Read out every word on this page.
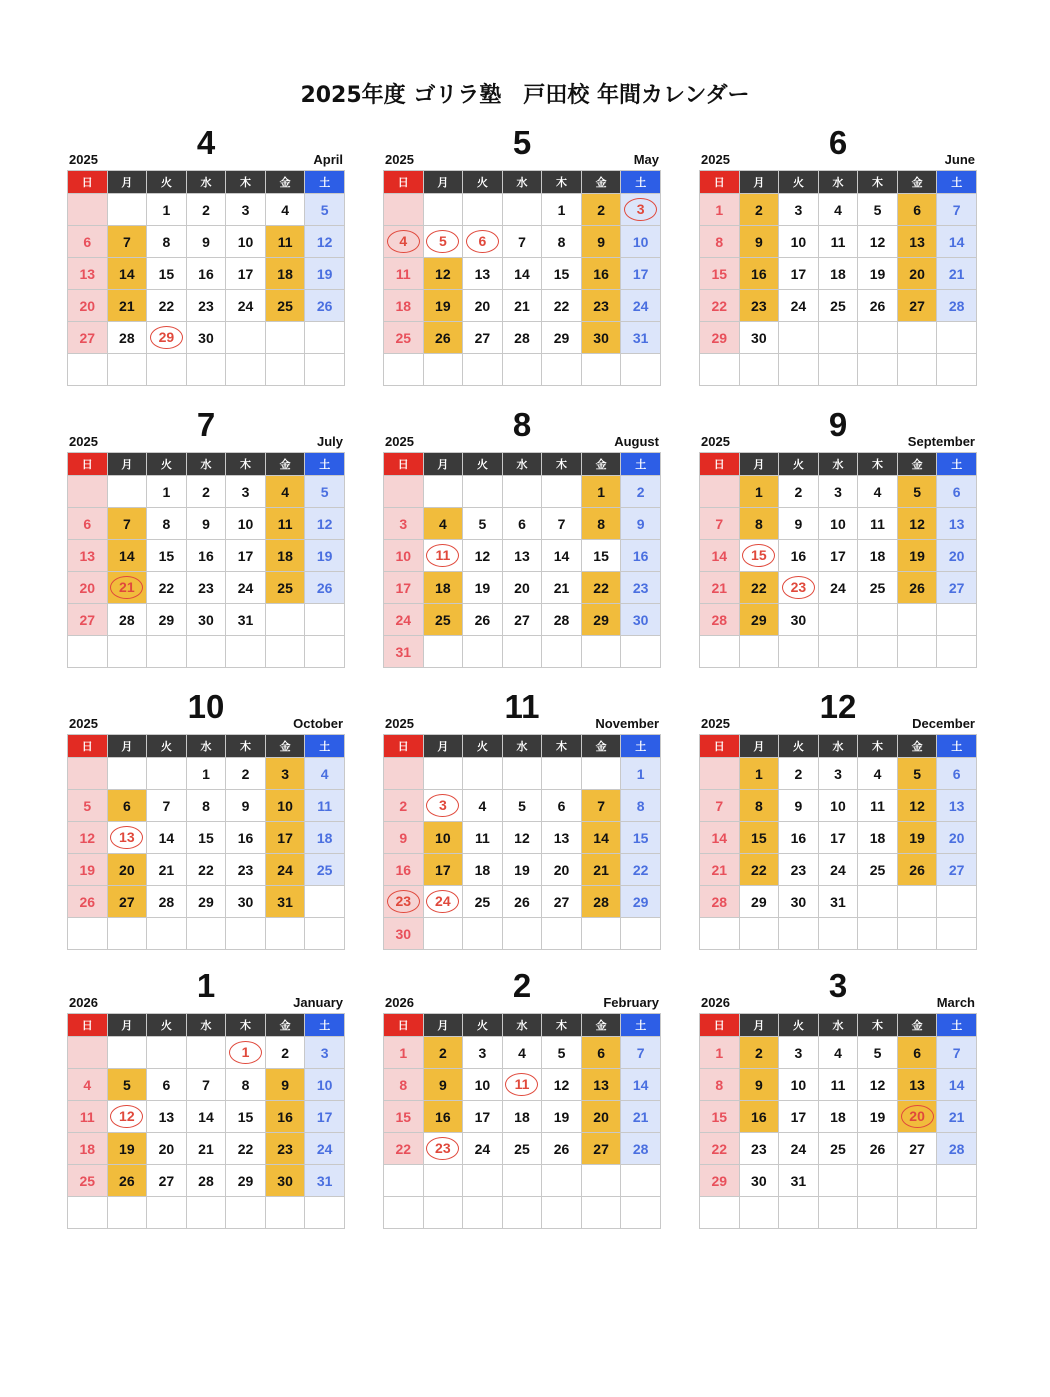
2025年度 ゴリラ塾　戸田校 年間カレンダー
2025	4	April
日	月	火	水	木	金	土
		1	2	3	4	5
6	7	8	9	10	11	12
13	14	15	16	17	18	19
20	21	22	23	24	25	26
27	28	29	30			

2025	5	May
日	月	火	水	木	金	土
				1	2	3
4	5	6	7	8	9	10
11	12	13	14	15	16	17
18	19	20	21	22	23	24
25	26	27	28	29	30	31

2025	6	June
日	月	火	水	木	金	土
1	2	3	4	5	6	7
8	9	10	11	12	13	14
15	16	17	18	19	20	21
22	23	24	25	26	27	28
29	30					

2025	7	July
日	月	火	水	木	金	土
		1	2	3	4	5
6	7	8	9	10	11	12
13	14	15	16	17	18	19
20	21	22	23	24	25	26
27	28	29	30	31		

2025	8	August
日	月	火	水	木	金	土
					1	2
3	4	5	6	7	8	9
10	11	12	13	14	15	16
17	18	19	20	21	22	23
24	25	26	27	28	29	30
31						
2025	9	September
日	月	火	水	木	金	土
	1	2	3	4	5	6
7	8	9	10	11	12	13
14	15	16	17	18	19	20
21	22	23	24	25	26	27
28	29	30				

2025	10	October
日	月	火	水	木	金	土
			1	2	3	4
5	6	7	8	9	10	11
12	13	14	15	16	17	18
19	20	21	22	23	24	25
26	27	28	29	30	31	

2025	11	November
日	月	火	水	木	金	土
						1
2	3	4	5	6	7	8
9	10	11	12	13	14	15
16	17	18	19	20	21	22
23	24	25	26	27	28	29
30						
2025	12	December
日	月	火	水	木	金	土
	1	2	3	4	5	6
7	8	9	10	11	12	13
14	15	16	17	18	19	20
21	22	23	24	25	26	27
28	29	30	31			

2026	1	January
日	月	火	水	木	金	土
				1	2	3
4	5	6	7	8	9	10
11	12	13	14	15	16	17
18	19	20	21	22	23	24
25	26	27	28	29	30	31

2026	2	February
日	月	火	水	木	金	土
1	2	3	4	5	6	7
8	9	10	11	12	13	14
15	16	17	18	19	20	21
22	23	24	25	26	27	28

2026	3	March
日	月	火	水	木	金	土
1	2	3	4	5	6	7
8	9	10	11	12	13	14
15	16	17	18	19	20	21
22	23	24	25	26	27	28
29	30	31				
